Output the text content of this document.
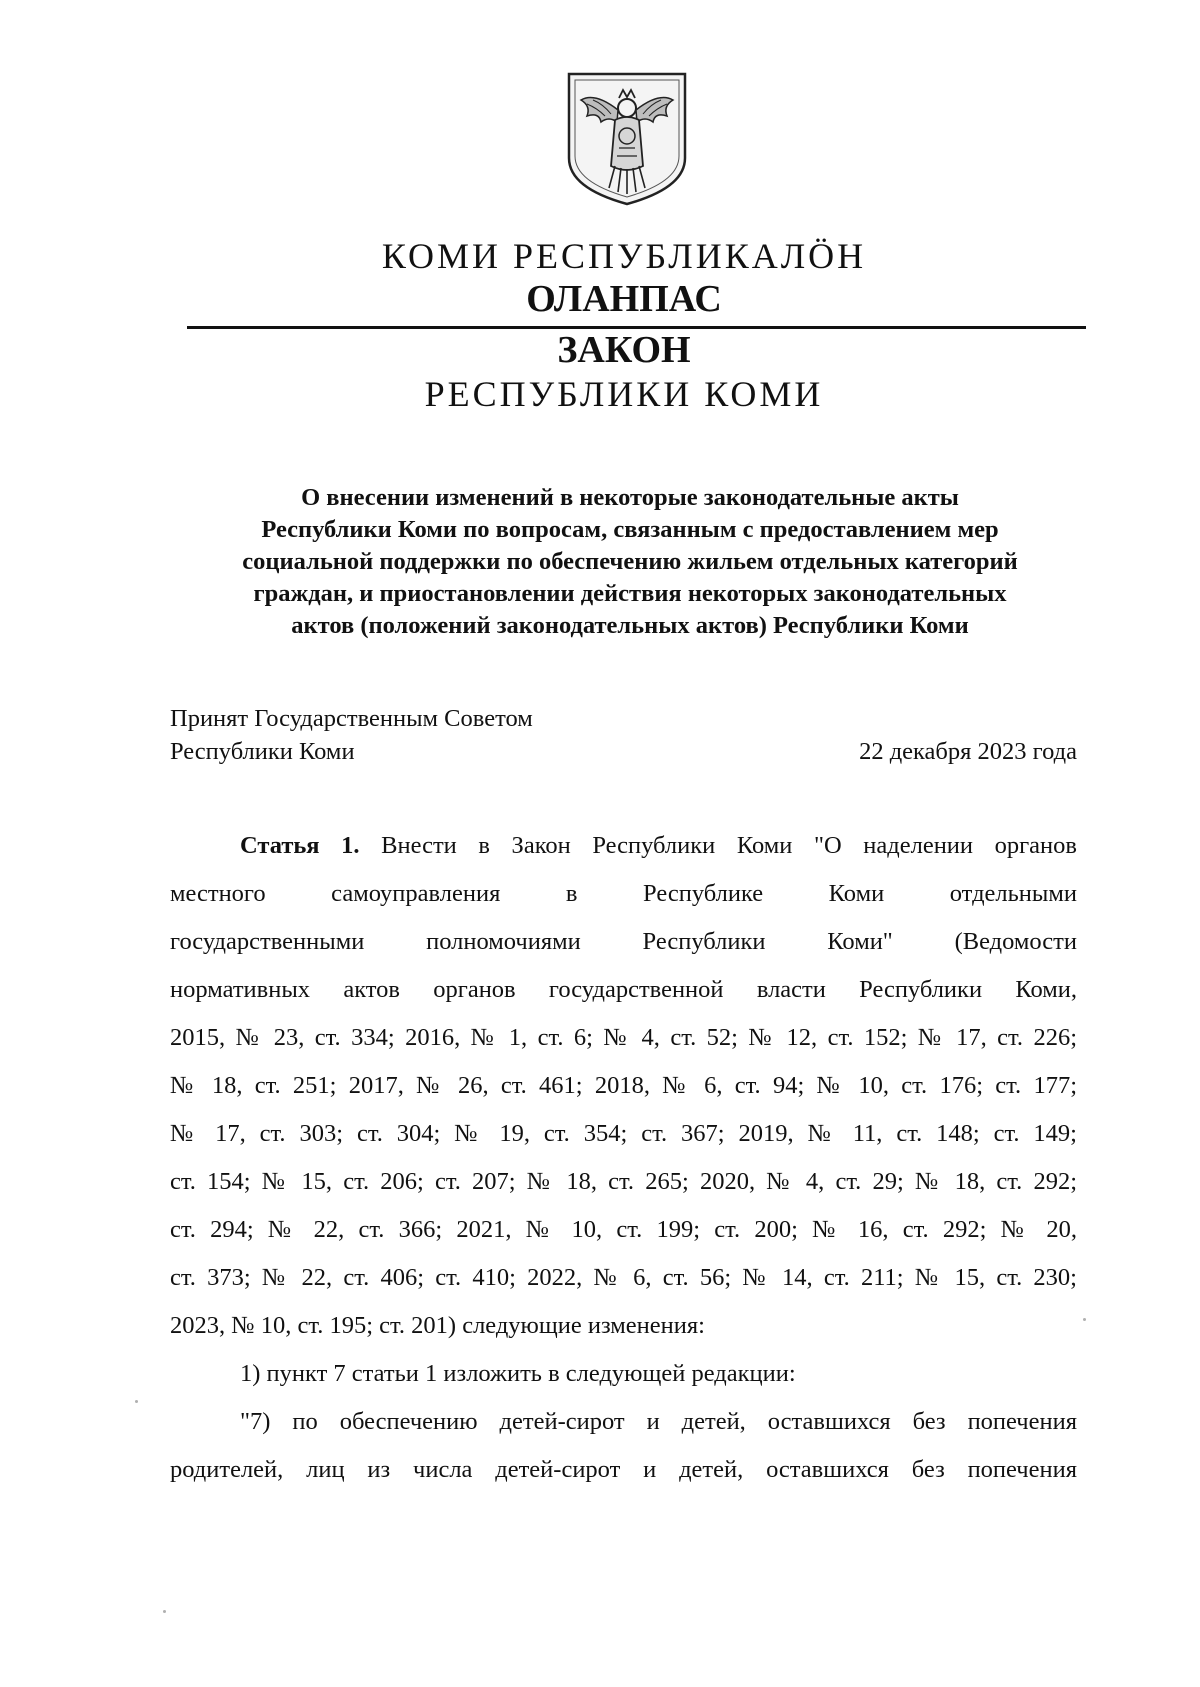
КОМИ РЕСПУБЛИКАЛӦН
ОЛАНПАС
ЗАКОН
РЕСПУБЛИКИ КОМИ
О внесении изменений в некоторые законодательные акты
Республики Коми по вопросам, связанным с предоставлением мер
социальной поддержки по обеспечению жильем отдельных категорий
граждан, и приостановлении действия некоторых законодательных
актов (положений законодательных актов) Республики Коми
Принят Государственным Советом
Республики Коми	22 декабря 2023 года
Статья 1. Внести в Закон Республики Коми "О наделении органов
местного самоуправления в Республике Коми отдельными
государственными полномочиями Республики Коми" (Ведомости
нормативных актов органов государственной власти Республики Коми,
2015, № 23, ст. 334; 2016, № 1, ст. 6; № 4, ст. 52; № 12, ст. 152; № 17, ст. 226;
№ 18, ст. 251; 2017, № 26, ст. 461; 2018, № 6, ст. 94; № 10, ст. 176; ст. 177;
№ 17, ст. 303; ст. 304; № 19, ст. 354; ст. 367; 2019, № 11, ст. 148; ст. 149;
ст. 154; № 15, ст. 206; ст. 207; № 18, ст. 265; 2020, № 4, ст. 29; № 18, ст. 292;
ст. 294; № 22, ст. 366; 2021, № 10, ст. 199; ст. 200; № 16, ст. 292; № 20,
ст. 373; № 22, ст. 406; ст. 410; 2022, № 6, ст. 56; № 14, ст. 211; № 15, ст. 230;
2023, № 10, ст. 195; ст. 201) следующие изменения:
1) пункт 7 статьи 1 изложить в следующей редакции:
"7) по обеспечению детей-сирот и детей, оставшихся без попечения
родителей, лиц из числа детей-сирот и детей, оставшихся без попечения
